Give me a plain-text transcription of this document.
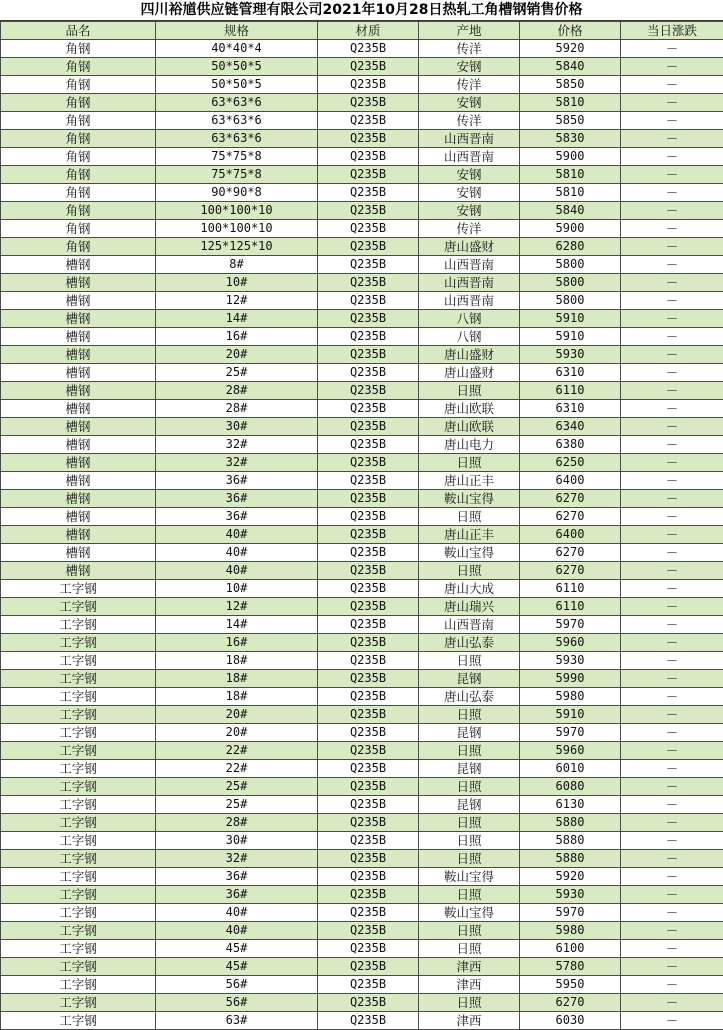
四川裕馗供应链管理有限公司2021年10月28日热轧工角槽钢销售价格
品名	规格	材质	产地	价格	当日涨跌
角钢	40*40*4	Q235B	传洋	5920	－
角钢	50*50*5	Q235B	安钢	5840	－
角钢	50*50*5	Q235B	传洋	5850	－
角钢	63*63*6	Q235B	安钢	5810	－
角钢	63*63*6	Q235B	传洋	5850	－
角钢	63*63*6	Q235B	山西晋南	5830	－
角钢	75*75*8	Q235B	山西晋南	5900	－
角钢	75*75*8	Q235B	安钢	5810	－
角钢	90*90*8	Q235B	安钢	5810	－
角钢	100*100*10	Q235B	安钢	5840	－
角钢	100*100*10	Q235B	传洋	5900	－
角钢	125*125*10	Q235B	唐山盛财	6280	－
槽钢	8#	Q235B	山西晋南	5800	－
槽钢	10#	Q235B	山西晋南	5800	－
槽钢	12#	Q235B	山西晋南	5800	－
槽钢	14#	Q235B	八钢	5910	－
槽钢	16#	Q235B	八钢	5910	－
槽钢	20#	Q235B	唐山盛财	5930	－
槽钢	25#	Q235B	唐山盛财	6310	－
槽钢	28#	Q235B	日照	6110	－
槽钢	28#	Q235B	唐山欧联	6310	－
槽钢	30#	Q235B	唐山欧联	6340	－
槽钢	32#	Q235B	唐山电力	6380	－
槽钢	32#	Q235B	日照	6250	－
槽钢	36#	Q235B	唐山正丰	6400	－
槽钢	36#	Q235B	鞍山宝得	6270	－
槽钢	36#	Q235B	日照	6270	－
槽钢	40#	Q235B	唐山正丰	6400	－
槽钢	40#	Q235B	鞍山宝得	6270	－
槽钢	40#	Q235B	日照	6270	－
工字钢	10#	Q235B	唐山大成	6110	－
工字钢	12#	Q235B	唐山瑞兴	6110	－
工字钢	14#	Q235B	山西晋南	5970	－
工字钢	16#	Q235B	唐山弘泰	5960	－
工字钢	18#	Q235B	日照	5930	－
工字钢	18#	Q235B	昆钢	5990	－
工字钢	18#	Q235B	唐山弘泰	5980	－
工字钢	20#	Q235B	日照	5910	－
工字钢	20#	Q235B	昆钢	5970	－
工字钢	22#	Q235B	日照	5960	－
工字钢	22#	Q235B	昆钢	6010	－
工字钢	25#	Q235B	日照	6080	－
工字钢	25#	Q235B	昆钢	6130	－
工字钢	28#	Q235B	日照	5880	－
工字钢	30#	Q235B	日照	5880	－
工字钢	32#	Q235B	日照	5880	－
工字钢	36#	Q235B	鞍山宝得	5920	－
工字钢	36#	Q235B	日照	5930	－
工字钢	40#	Q235B	鞍山宝得	5970	－
工字钢	40#	Q235B	日照	5980	－
工字钢	45#	Q235B	日照	6100	－
工字钢	45#	Q235B	津西	5780	－
工字钢	56#	Q235B	津西	5950	－
工字钢	56#	Q235B	日照	6270	－
工字钢	63#	Q235B	津西	6030	－
